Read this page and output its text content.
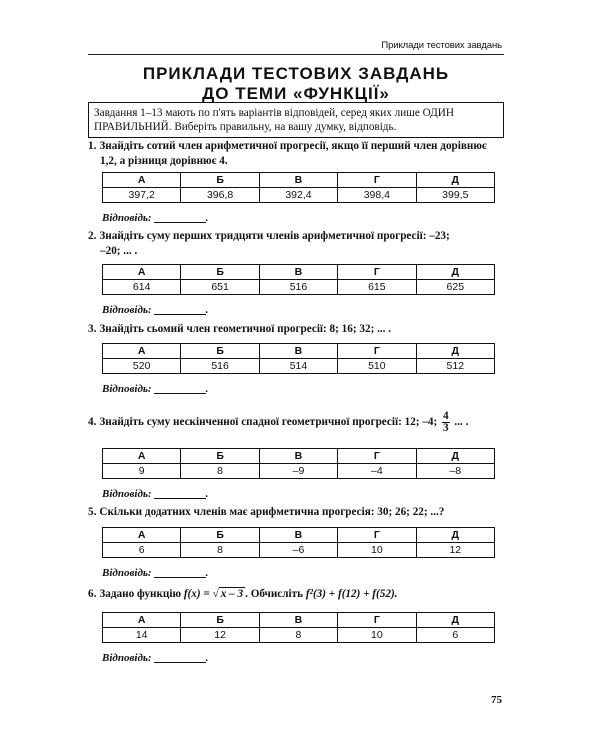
Приклади тестових завдань
ПРИКЛАДИ ТЕСТОВИХ ЗАВДАНЬ
ДО ТЕМИ «ФУНКЦІЇ»
Завдання 1–13 мають по п'ять варіантів відповідей, серед яких лише ОДИН ПРАВИЛЬНИЙ. Виберіть правильну, на вашу думку, відповідь.
1. Знайдіть сотий член арифметичної прогресії, якщо її перший член дорівнює
1,2, а різниця дорівнює 4.
А	Б	В	Г	Д
397,2	396,8	392,4	398,4	399,5
Відповідь:	.
2. Знайдіть суму перших тридцяти членів арифметичної прогресії: –23;
–20; ... .
А	Б	В	Г	Д
614	651	516	615	625
Відповідь:	.
3. Знайдіть сьомий член геометичної прогресії: 8; 16; 32; ... .
А	Б	В	Г	Д
520	516	514	510	512
Відповідь:	.
4. Знайдіть суму нескінченної спадної геометричної прогресії: 12; –4; $\frac{4}{3}$ ... .
А	Б	В	Г	Д
9	8	–9	–4	–8
Відповідь:	.
5. Скільки додатних членів має арифметична прогресія: 30; 26; 22; ...?
А	Б	В	Г	Д
6	8	–6	10	12
Відповідь:	.
6. Задано функцію f(x) = √ x – 3 . Обчисліть f²(3) + f(12) + f(52).
А	Б	В	Г	Д
14	12	8	10	6
Відповідь:	.
75
